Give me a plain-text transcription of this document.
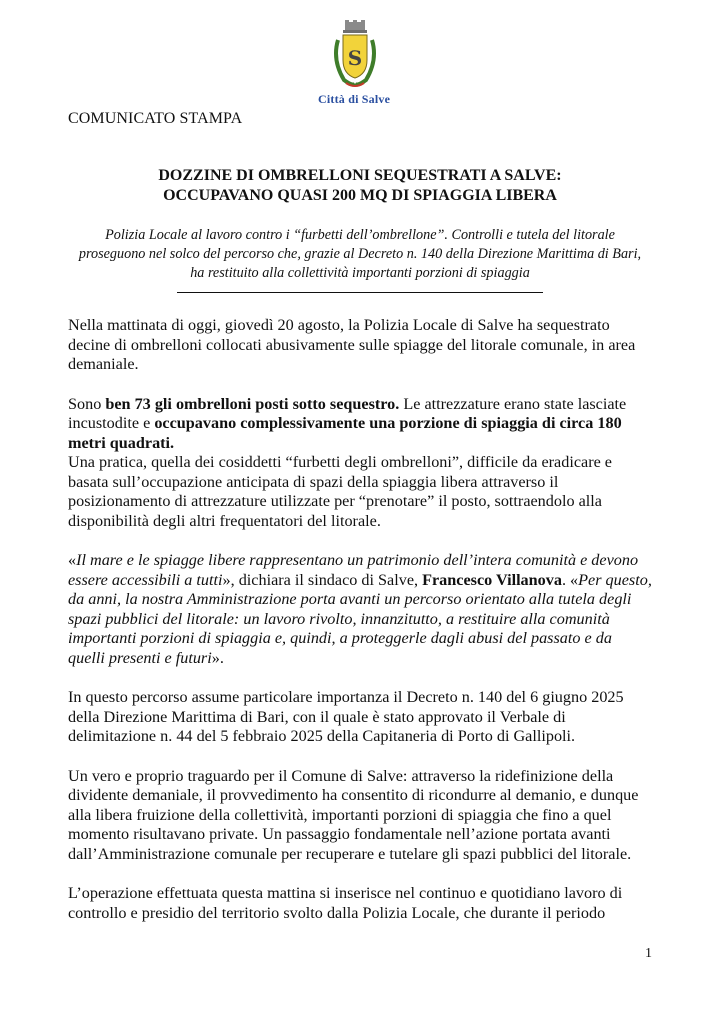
S
Città di Salve
COMUNICATO STAMPA
DOZZINE DI OMBRELLONI SEQUESTRATI A SALVE:
OCCUPAVANO QUASI 200 MQ DI SPIAGGIA LIBERA
Polizia Locale al lavoro contro i “furbetti dell’ombrellone”. Controlli e tutela del litorale
proseguono nel solco del percorso che, grazie al Decreto n. 140 della Direzione Marittima di Bari,
ha restituito alla collettività importanti porzioni di spiaggia

Nella mattinata di oggi, giovedì 20 agosto, la Polizia Locale di Salve ha sequestrato decine di ombrelloni collocati abusivamente sulle spiagge del litorale comunale, in area demaniale.

Sono ben 73 gli ombrelloni posti sotto sequestro. Le attrezzature erano state lasciate incustodite e occupavano complessivamente una porzione di spiaggia di circa 180 metri quadrati.

Una pratica, quella dei cosiddetti “furbetti degli ombrelloni”, difficile da eradicare e basata sull’occupazione anticipata di spazi della spiaggia libera attraverso il posizionamento di attrezzature utilizzate per “prenotare” il posto, sottraendolo alla disponibilità degli altri frequentatori del litorale.

«Il mare e le spiagge libere rappresentano un patrimonio dell’intera comunità e devono essere accessibili a tutti», dichiara il sindaco di Salve, Francesco Villanova. «Per questo, da anni, la nostra Amministrazione porta avanti un percorso orientato alla tutela degli spazi pubblici del litorale: un lavoro rivolto, innanzitutto, a restituire alla comunità importanti porzioni di spiaggia e, quindi, a proteggerle dagli abusi del passato e da quelli presenti e futuri».

In questo percorso assume particolare importanza il Decreto n. 140 del 6 giugno 2025 della Direzione Marittima di Bari, con il quale è stato approvato il Verbale di delimitazione n. 44 del 5 febbraio 2025 della Capitaneria di Porto di Gallipoli.

Un vero e proprio traguardo per il Comune di Salve: attraverso la ridefinizione della dividente demaniale, il provvedimento ha consentito di ricondurre al demanio, e dunque alla libera fruizione della collettività, importanti porzioni di spiaggia che fino a quel momento risultavano private. Un passaggio fondamentale nell’azione portata avanti dall’Amministrazione comunale per recuperare e tutelare gli spazi pubblici del litorale.

L’operazione effettuata questa mattina si inserisce nel continuo e quotidiano lavoro di controllo e presidio del territorio svolto dalla Polizia Locale, che durante il periodo

1
